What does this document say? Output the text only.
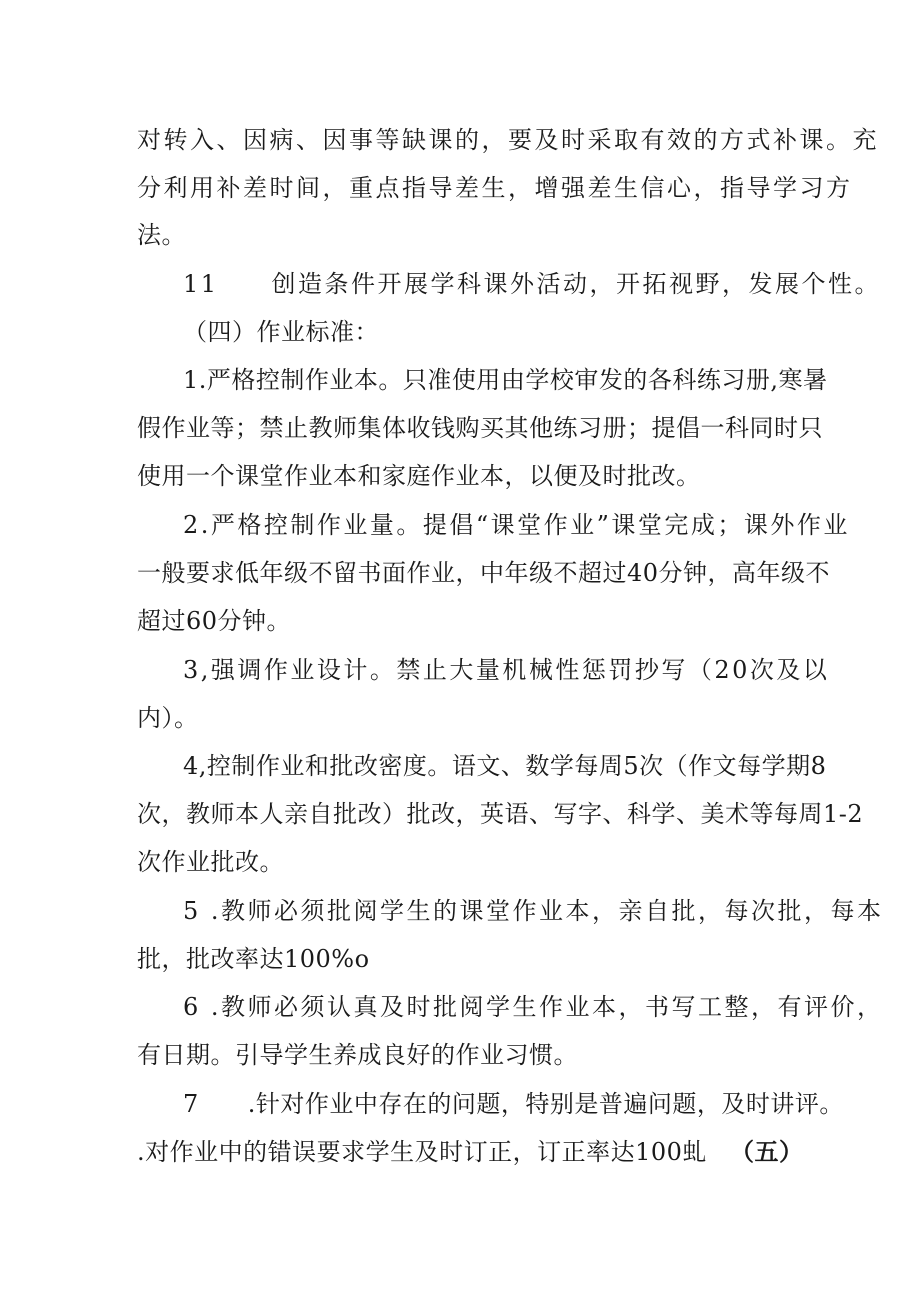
对转入、因病、因事等缺课的，要及时采取有效的方式补课。充
分利用补差时间，重点指导差生，增强差生信心，指导学习方
法。
11　　创造条件开展学科课外活动，开拓视野，发展个性。
（四）作业标准：
1.严格控制作业本。只准使用由学校审发的各科练习册,寒暑
假作业等；禁止教师集体收钱购买其他练习册；提倡一科同时只
使用一个课堂作业本和家庭作业本，以便及时批改。
2.严格控制作业量。提倡“课堂作业”课堂完成；课外作业
一般要求低年级不留书面作业，中年级不超过40分钟，高年级不
超过60分钟。
3,强调作业设计。禁止大量机械性惩罚抄写（20次及以
内）。
4,控制作业和批改密度。语文、数学每周5次（作文每学期8
次，教师本人亲自批改）批改，英语、写字、科学、美术等每周1-2
次作业批改。
5 .教师必须批阅学生的课堂作业本，亲自批，每次批，每本
批，批改率达100%o
6 .教师必须认真及时批阅学生作业本，书写工整，有评价，
有日期。引导学生养成良好的作业习惯。
7　　.针对作业中存在的问题，特别是普遍问题，及时讲评。
.对作业中的错误要求学生及时订正，订正率达100虬 （五）
